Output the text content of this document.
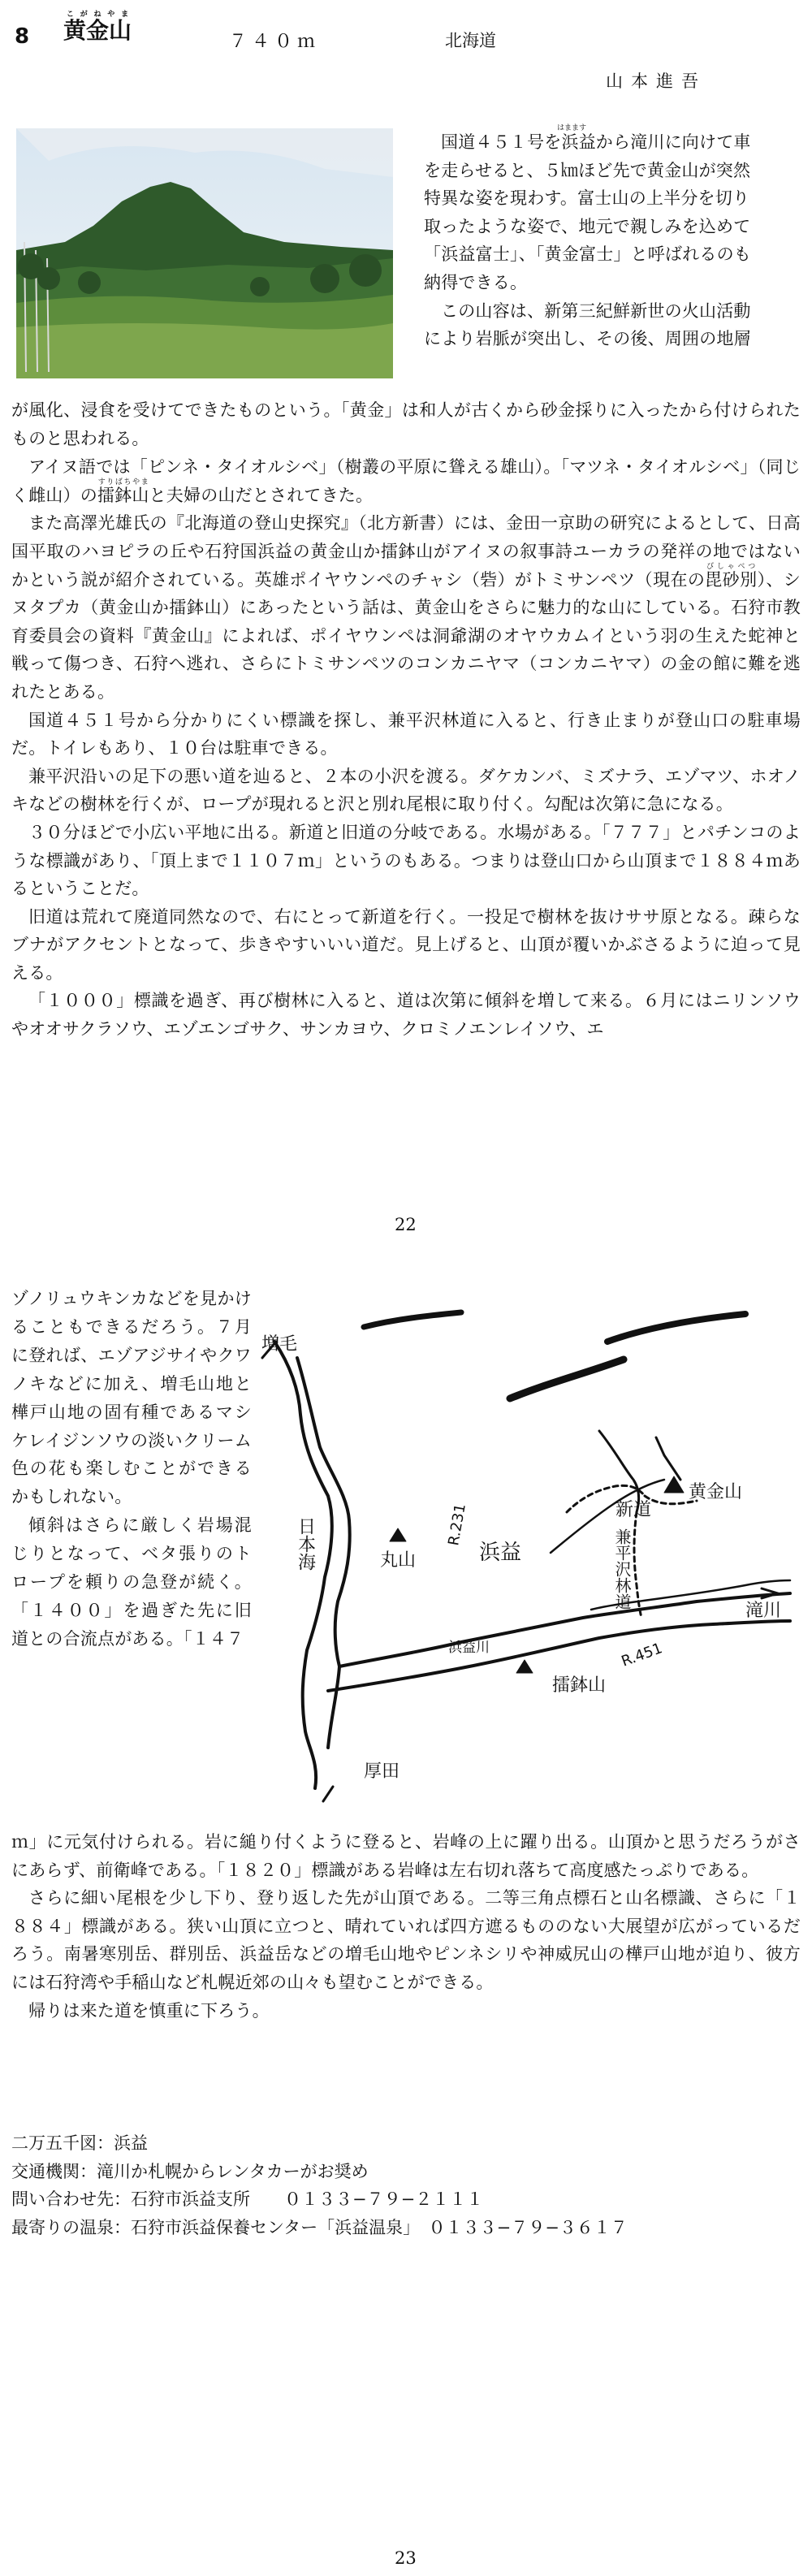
8 黄金山こがねやま
７４０ｍ	北海道
山本進吾

国道４５１号を浜益から滝川に向けて車

を走らせると、５㎞ほど先で黄金山が突然

特異な姿を現わす。富士山の上半分を切り

取ったような姿で、地元で親しみを込めて

「浜益富士」、「黄金富士」と呼ばれるのも

納得できる。

この山容は、新第三紀鮮新世の火山活動

により岩脈が突出し、その後、周囲の地層

はまます

が風化、浸食を受けてできたものという。「黄金」は和人が古くから砂金採りに入ったから付けられたものと思われる。

アイヌ語では「ピンネ・タイオルシベ」（樹叢の平原に聳える雄山）。「マツネ・タイオルシベ」（同じく雌山）の擂鉢山すりばちやまと夫婦の山だとされてきた。

また高澤光雄氏の『北海道の登山史探究』（北方新書）には、金田一京助の研究によるとして、日高国平取のハヨピラの丘や石狩国浜益の黄金山か擂鉢山がアイヌの叙事詩ユーカラの発祥の地ではないかという説が紹介されている。英雄ポイヤウンペのチャシ（砦）がトミサンペツ（現在の毘砂別びしゃべつ）、シヌタプカ（黄金山か擂鉢山）にあったという話は、黄金山をさらに魅力的な山にしている。石狩市教育委員会の資料『黄金山』によれば、ポイヤウンペは洞爺湖のオヤウカムイという羽の生えた蛇神と戦って傷つき、石狩へ逃れ、さらにトミサンペツのコンカニヤマ（コンカニヤマ）の金の館に難を逃れたとある。

国道４５１号から分かりにくい標識を探し、兼平沢林道に入ると、行き止まりが登山口の駐車場だ。トイレもあり、１０台は駐車できる。

兼平沢沿いの足下の悪い道を辿ると、２本の小沢を渡る。ダケカンバ、ミズナラ、エゾマツ、ホオノキなどの樹林を行くが、ロープが現れると沢と別れ尾根に取り付く。勾配は次第に急になる。

３０分ほどで小広い平地に出る。新道と旧道の分岐である。水場がある。「７７７」とパチンコのような標識があり、「頂上まで１１０７ｍ」というのもある。つまりは登山口から山頂まで１８８４ｍあるということだ。

旧道は荒れて廃道同然なので、右にとって新道を行く。一投足で樹林を抜けササ原となる。疎らなブナがアクセントとなって、歩きやすいいい道だ。見上げると、山頂が覆いかぶさるように迫って見える。

「１０００」標識を過ぎ、再び樹林に入ると、道は次第に傾斜を増して来る。６月にはニリンソウやオオサクラソウ、エゾエンゴサク、サンカヨウ、クロミノエンレイソウ、エ

22

ゾノリュウキンカなどを見かけることもできるだろう。７月に登れば、エゾアジサイやクワノキなどに加え、増毛山地と樺戸山地の固有種であるマシケレイジンソウの淡いクリーム色の花も楽しむことができるかもしれない。

傾斜はさらに厳しく岩場混じりとなって、ベタ張りのトロープを頼りの急登が続く。「１４００」を過ぎた先に旧道との合流点がある。「１４７

増毛
黄金山
丸山	浜益
新道
擂鉢山
滝川
厚田
浜益川
R.231
R.451
日本海	兼平沢林道

ｍ」に元気付けられる。岩に縋り付くように登ると、岩峰の上に躍り出る。山頂かと思うだろうがさにあらず、前衛峰である。「１８２０」標識がある岩峰は左右切れ落ちて高度感たっぷりである。

さらに細い尾根を少し下り、登り返した先が山頂である。二等三角点標石と山名標識、さらに「１８８４」標識がある。狭い山頂に立つと、晴れていれば四方遮るもののない大展望が広がっているだろう。南暑寒別岳、群別岳、浜益岳などの増毛山地やピンネシリや神威尻山の樺戸山地が迫り、彼方には石狩湾や手稲山など札幌近郊の山々も望むことができる。

帰りは来た道を慎重に下ろう。

二万五千図：浜益

交通機関：滝川か札幌からレンタカーがお奨め

問い合わせ先：石狩市浜益支所　　０１３３−７９−２１１１

最寄りの温泉：石狩市浜益保養センター「浜益温泉」　０１３３−７９−３６１７

23
